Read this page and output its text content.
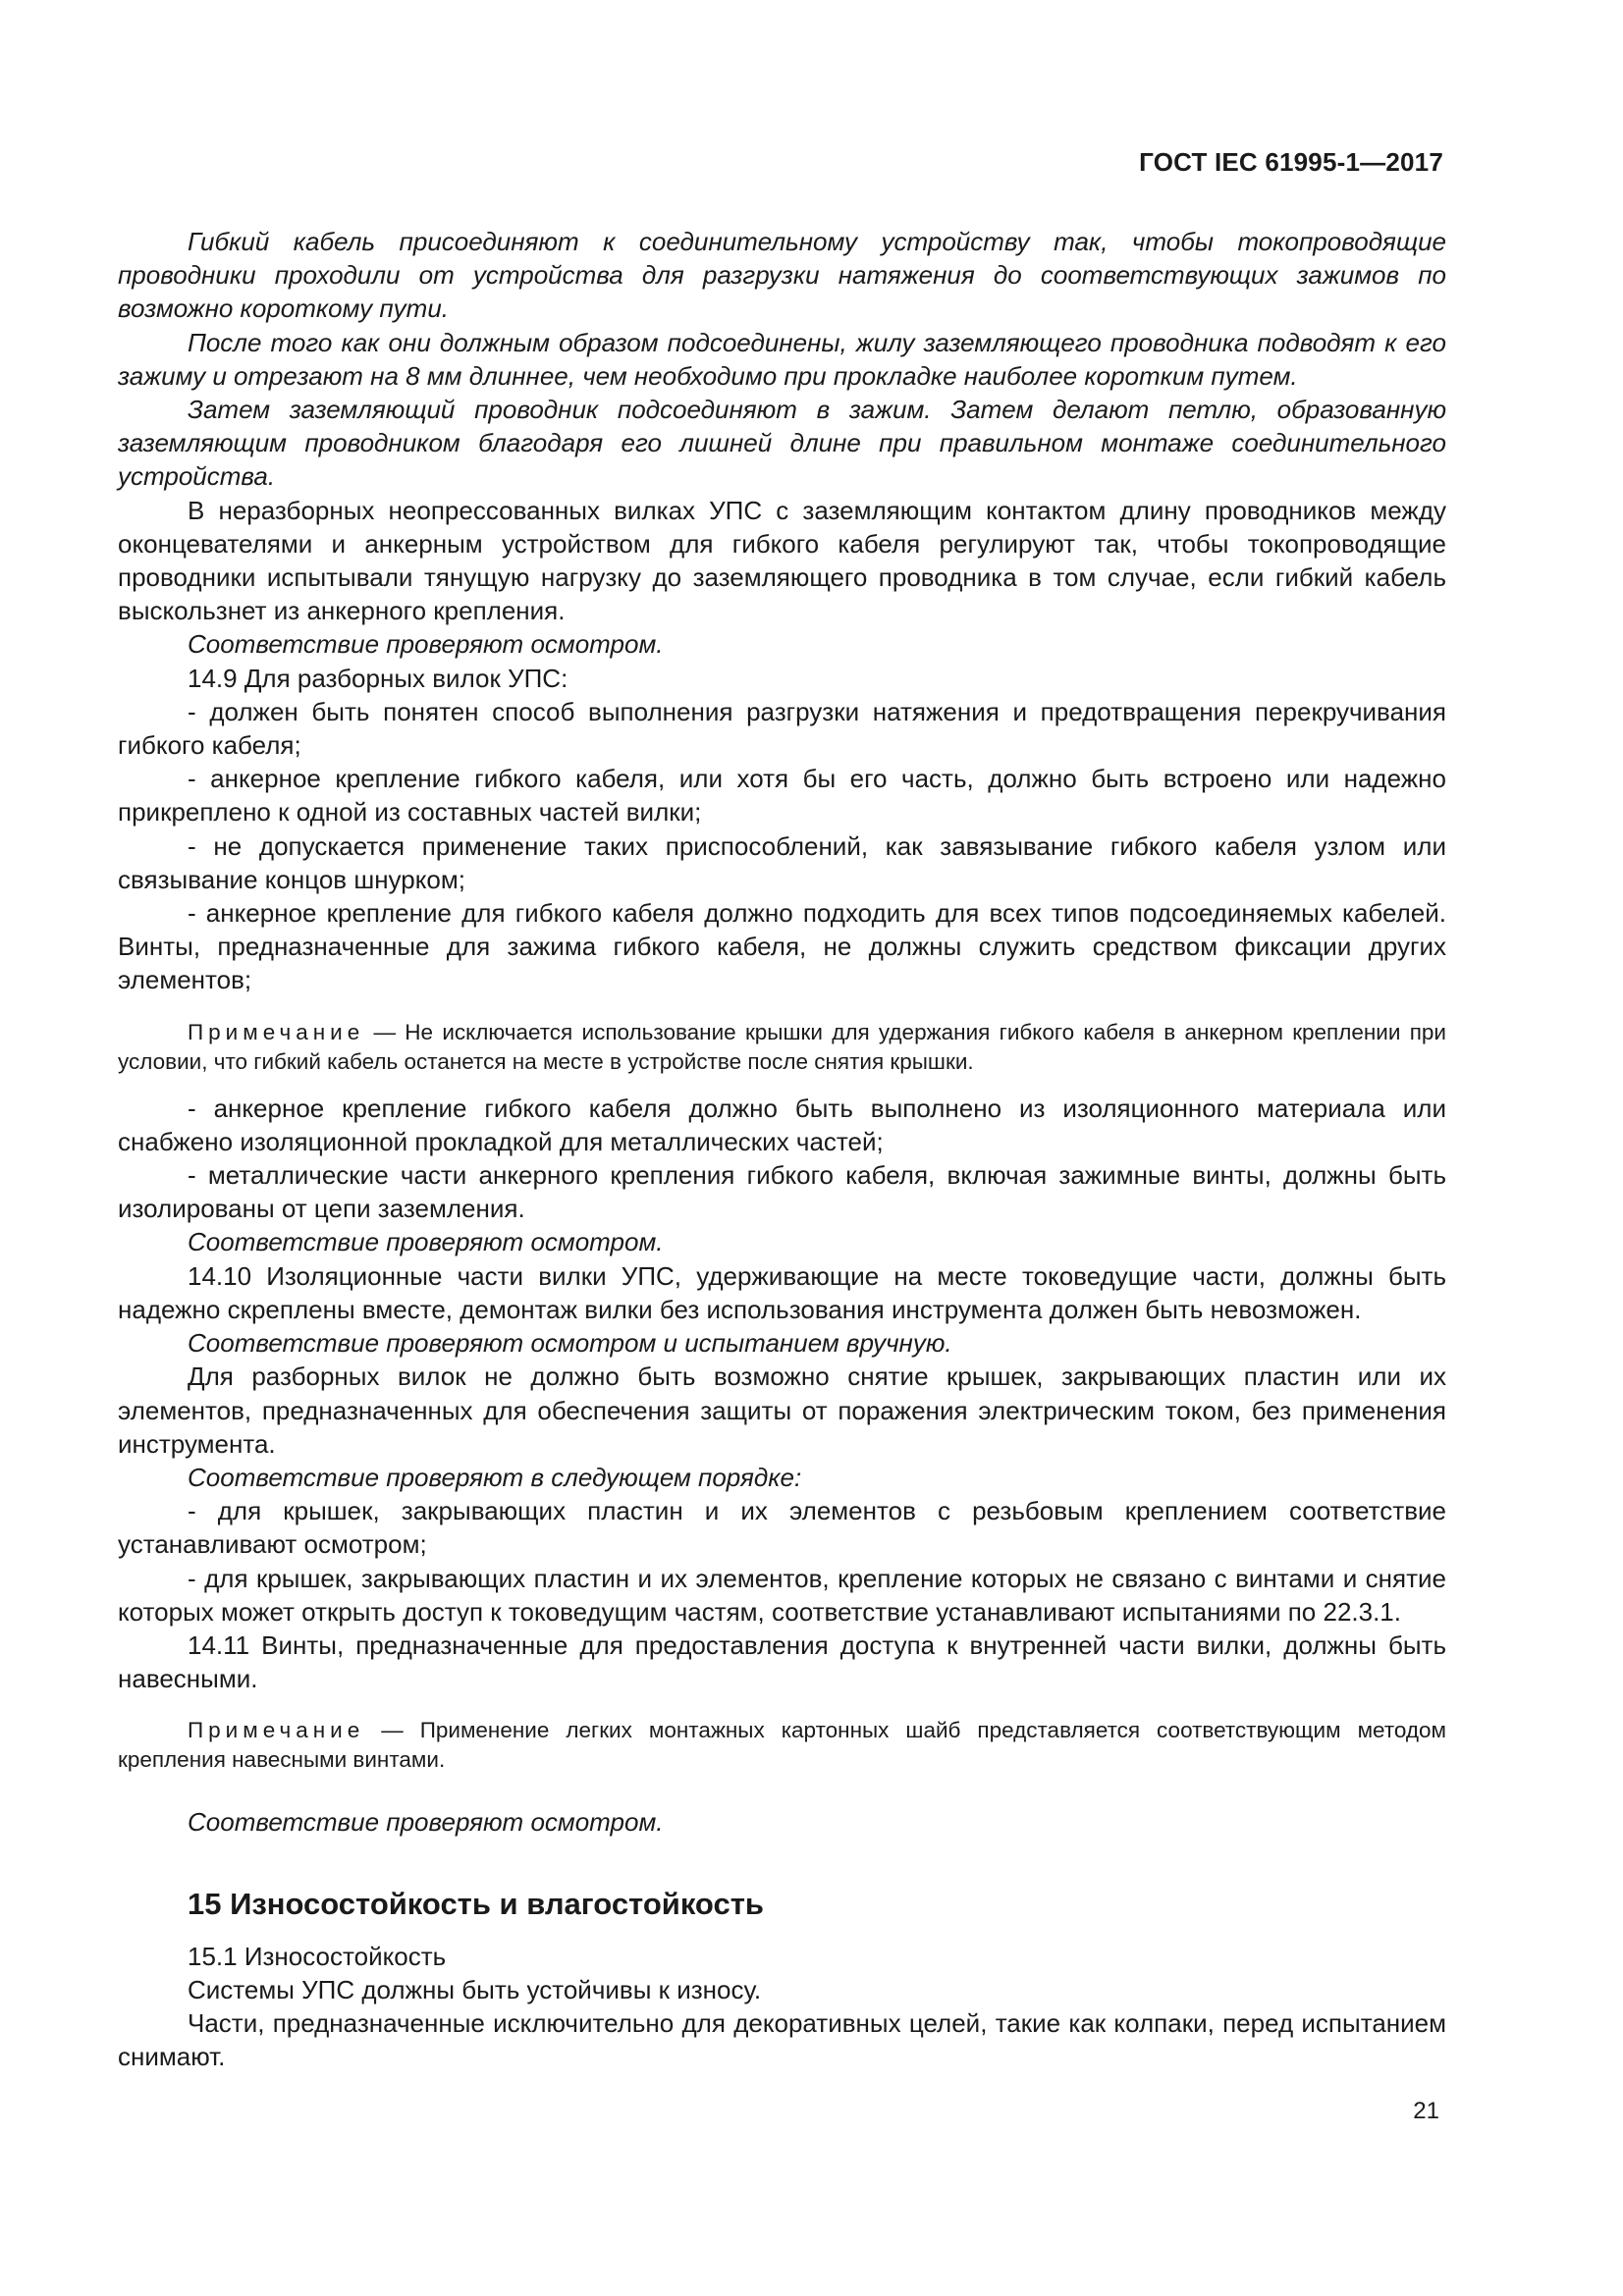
ГОСТ IEC 61995-1—2017

Гибкий кабель присоединяют к соединительному устройству так, чтобы токопроводящие проводники проходили от устройства для разгрузки натяжения до соответствующих зажимов по возможно короткому пути.

После того как они должным образом подсоединены, жилу заземляющего проводника подводят к его зажиму и отрезают на 8 мм длиннее, чем необходимо при прокладке наиболее коротким путем.

Затем заземляющий проводник подсоединяют в зажим. Затем делают петлю, образованную заземляющим проводником благодаря его лишней длине при правильном монтаже соединительного устройства.

В неразборных неопрессованных вилках УПС с заземляющим контактом длину проводников между оконцевателями и анкерным устройством для гибкого кабеля регулируют так, чтобы токопроводящие проводники испытывали тянущую нагрузку до заземляющего проводника в том случае, если гибкий кабель выскользнет из анкерного крепления.

Соответствие проверяют осмотром.

14.9 Для разборных вилок УПС:

- должен быть понятен способ выполнения разгрузки натяжения и предотвращения перекручивания гибкого кабеля;

- анкерное крепление гибкого кабеля, или хотя бы его часть, должно быть встроено или надежно прикреплено к одной из составных частей вилки;

- не допускается применение таких приспособлений, как завязывание гибкого кабеля узлом или связывание концов шнурком;

- анкерное крепление для гибкого кабеля должно подходить для всех типов подсоединяемых кабелей. Винты, предназначенные для зажима гибкого кабеля, не должны служить средством фиксации других элементов;

Примечание — Не исключается использование крышки для удержания гибкого кабеля в анкерном креплении при условии, что гибкий кабель останется на месте в устройстве после снятия крышки.

- анкерное крепление гибкого кабеля должно быть выполнено из изоляционного материала или снабжено изоляционной прокладкой для металлических частей;

- металлические части анкерного крепления гибкого кабеля, включая зажимные винты, должны быть изолированы от цепи заземления.

Соответствие проверяют осмотром.

14.10 Изоляционные части вилки УПС, удерживающие на месте токоведущие части, должны быть надежно скреплены вместе, демонтаж вилки без использования инструмента должен быть невозможен.

Соответствие проверяют осмотром и испытанием вручную.

Для разборных вилок не должно быть возможно снятие крышек, закрывающих пластин или их элементов, предназначенных для обеспечения защиты от поражения электрическим током, без применения инструмента.

Соответствие проверяют в следующем порядке:

- для крышек, закрывающих пластин и их элементов с резьбовым креплением соответствие устанавливают осмотром;

- для крышек, закрывающих пластин и их элементов, крепление которых не связано с винтами и снятие которых может открыть доступ к токоведущим частям, соответствие устанавливают испытаниями по 22.3.1.

14.11 Винты, предназначенные для предоставления доступа к внутренней части вилки, должны быть навесными.

Примечание — Применение легких монтажных картонных шайб представляется соответствующим методом крепления навесными винтами.

Соответствие проверяют осмотром.

15 Износостойкость и влагостойкость

15.1 Износостойкость

Системы УПС должны быть устойчивы к износу.

Части, предназначенные исключительно для декоративных целей, такие как колпаки, перед испытанием снимают.

21
